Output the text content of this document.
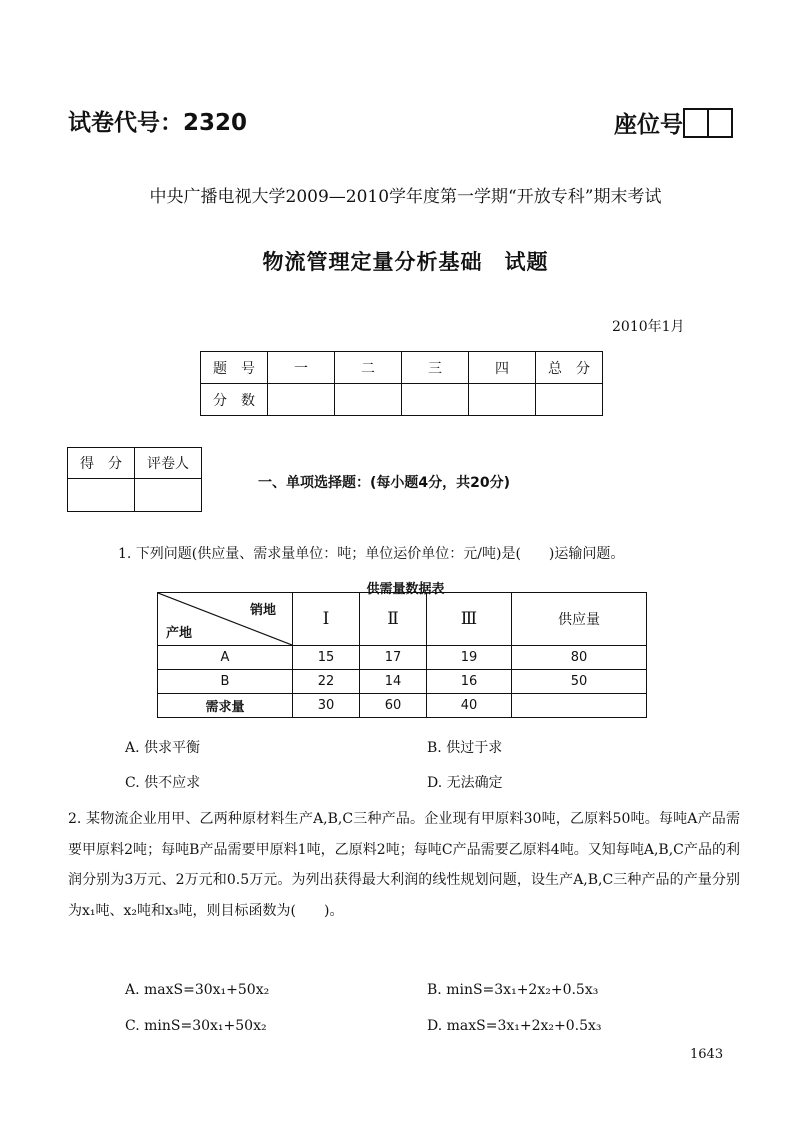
试卷代号：2320	座位号
中央广播电视大学2009—2010学年度第一学期“开放专科”期末考试
物流管理定量分析基础　试题
2010年1月
题　号	一	二	三	四	总　分
分　数					
得　分	评卷人

一、单项选择题：(每小题4分，共20分)
1. 下列问题(供应量、需求量单位：吨；单位运价单位：元/吨)是(　　)运输问题。
供需量数据表
销地
产地	Ⅰ	Ⅱ	Ⅲ	供应量
A	15	17	19	80
B	22	14	16	50
需求量	30	60	40	
A. 供求平衡	B. 供过于求
C. 供不应求	D. 无法确定
2. 某物流企业用甲、乙两种原材料生产A,B,C三种产品。企业现有甲原料30吨，乙原料50吨。每吨A产品需要甲原料2吨；每吨B产品需要甲原料1吨，乙原料2吨；每吨C产品需要乙原料4吨。又知每吨A,B,C产品的利润分别为3万元、2万元和0.5万元。为列出获得最大利润的线性规划问题，设生产A,B,C三种产品的产量分别为x₁吨、x₂吨和x₃吨，则目标函数为(　　)。
A. maxS=30x₁+50x₂	B. minS=3x₁+2x₂+0.5x₃
C. minS=30x₁+50x₂	D. maxS=3x₁+2x₂+0.5x₃
1643
